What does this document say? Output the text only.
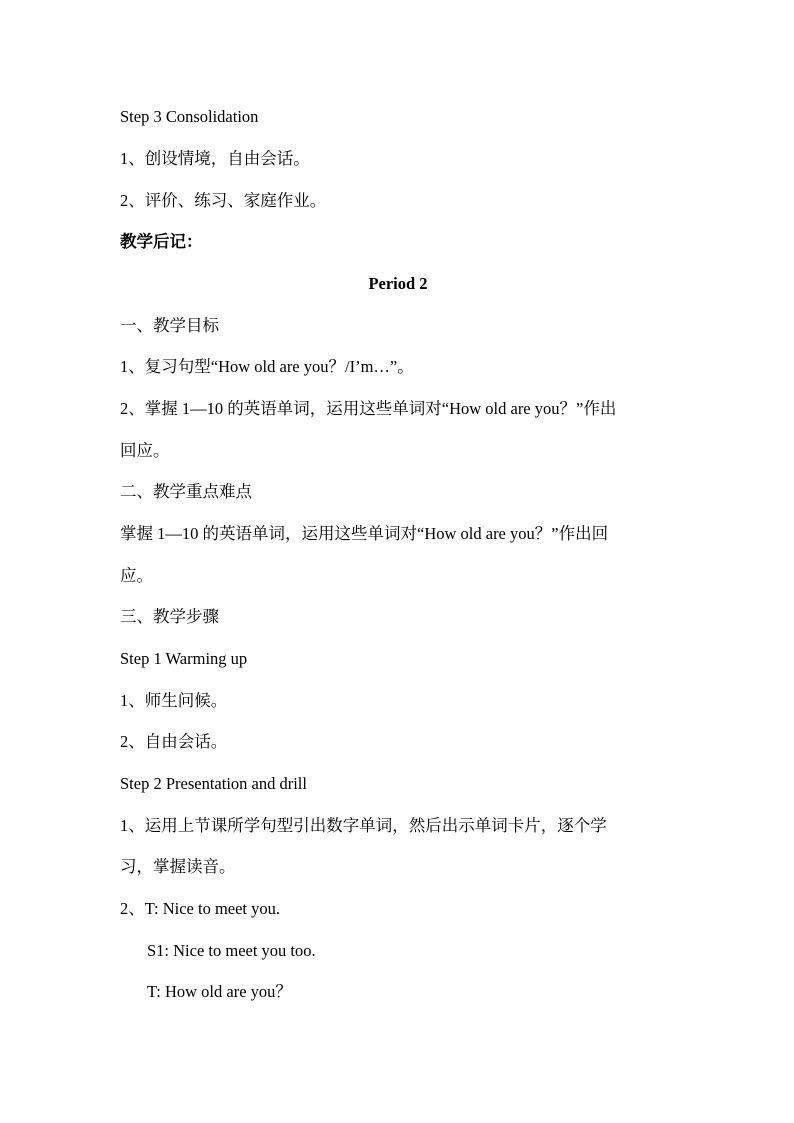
Step 3 Consolidation
1、创设情境，自由会话。
2、评价、练习、家庭作业。
教学后记：
Period 2
一、教学目标
1、复习句型“How old are you？/I’m…”。
2、掌握 1—10 的英语单词，运用这些单词对“How old are you？”作出
回应。
二、教学重点难点
掌握 1—10 的英语单词，运用这些单词对“How old are you？”作出回
应。
三、教学步骤
Step 1 Warming up
1、师生问候。
2、自由会话。
Step 2 Presentation and drill
1、运用上节课所学句型引出数字单词，然后出示单词卡片，逐个学
习，掌握读音。
2、T: Nice to meet you.
S1: Nice to meet you too.
T: How old are you？
